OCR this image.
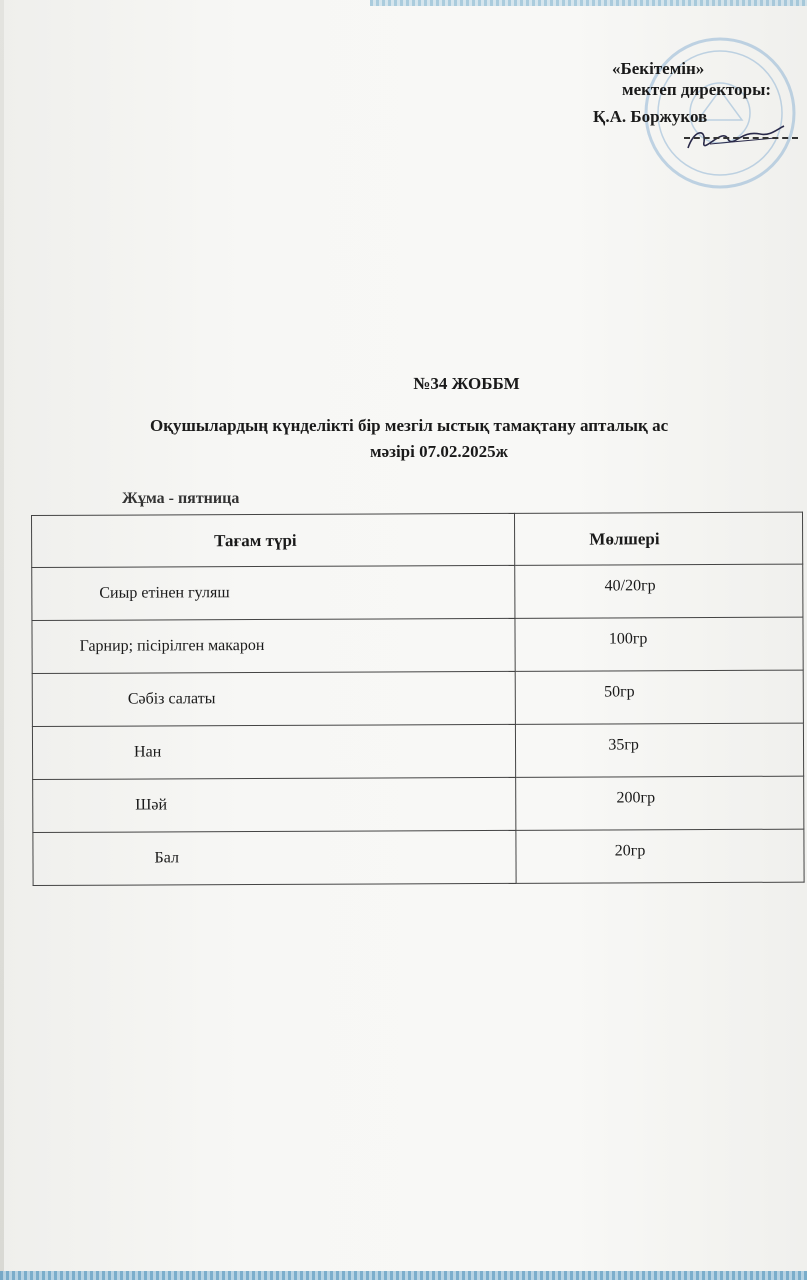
«Бекітемін»
мектеп директоры:
Қ.А. Боржуков
№34 ЖОББМ
Оқушылардың күнделікті бір мезгіл ыстық тамақтану апталық ас
мәзірі 07.02.2025ж
Жұма - пятница
Тағам түрі	Мөлшері
Сиыр етінен гуляш	40/20гр
Гарнир; пісірілген макарон	100гр
Сәбіз салаты	50гр
Нан	35гр
Шәй	200гр
Бал	20гр
